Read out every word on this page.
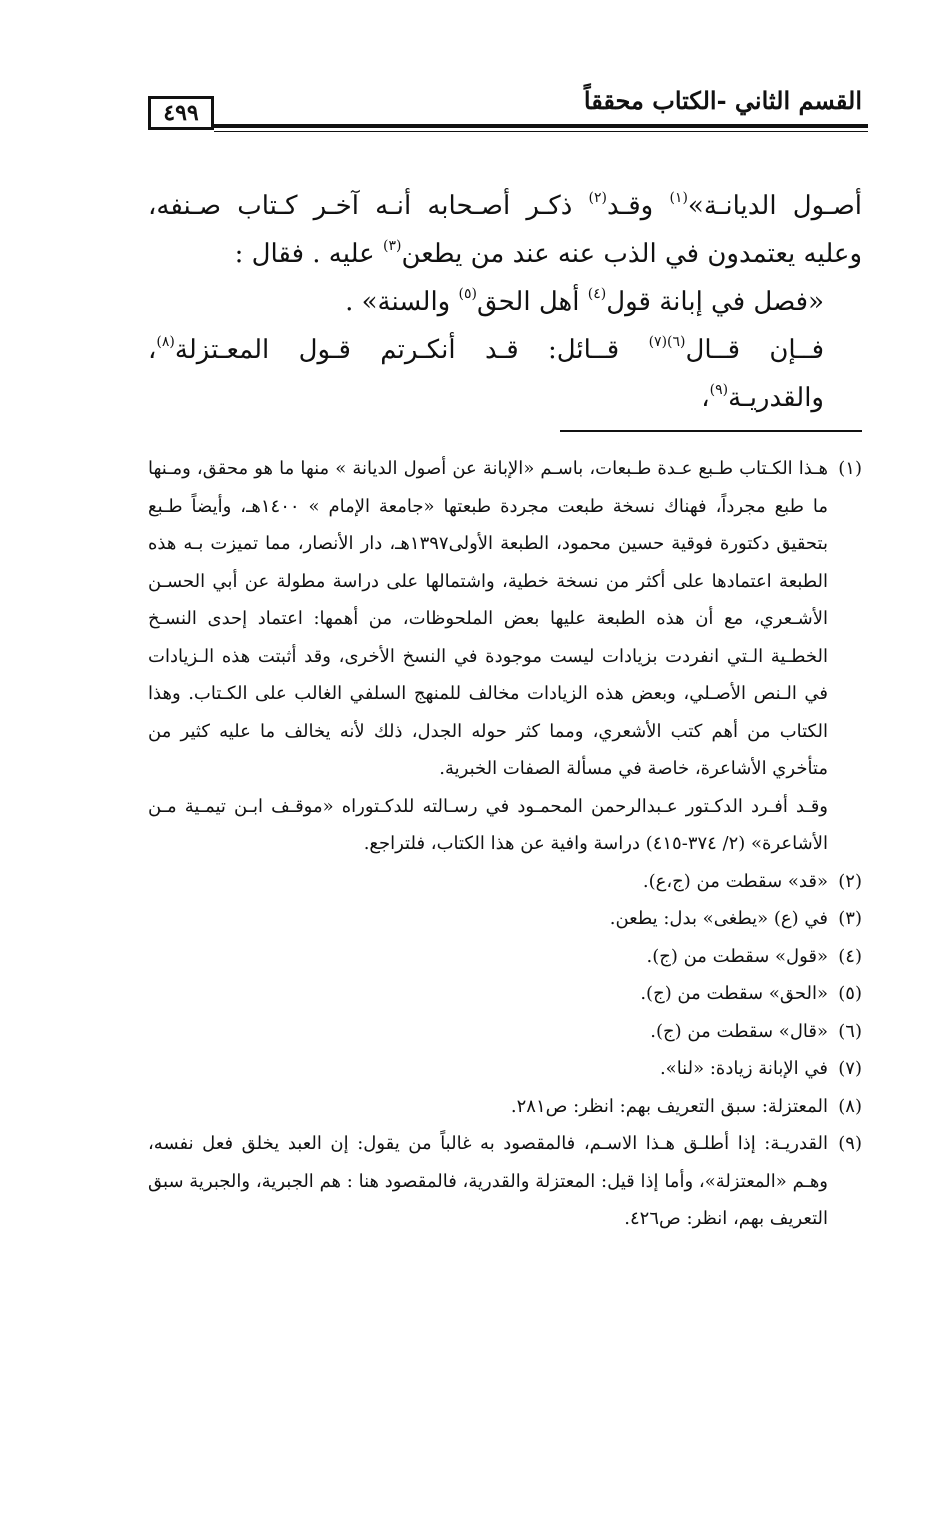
٤٩٩	القسم الثاني -الكتاب محققاً

أصـول الديانـة»$^{(١)}$ وقـد$^{(٢)}$ ذكـر أصـحابه أنـه آخـر كـتاب صـنفه، وعليه يعتمدون في الذب عنه عند من يطعن$^{(٣)}$ عليه . فقال :

«فصل في إبانة قول$^{(٤)}$ أهل الحق$^{(٥)}$ والسنة» .

فــإن قــال$^{(٦)(٧)}$ قــائل: قـد أنكـرتم قـول المعـتزلة$^{(٨)}$، والقدريـة$^{(٩)}$،

(١)
هـذا الكـتاب طـبع عـدة طـبعات، باسـم «الإبانة عن أصول الديانة » منها ما هو محقق، ومـنها ما طبع مجرداً، فهناك نسخة طبعت مجردة طبعتها «جامعة الإمام » ١٤٠٠هـ، وأيضاً طـبع بتحقيق دكتورة فوقية حسين محمود، الطبعة الأولى١٣٩٧هـ، دار الأنصار، مما تميزت بـه هذه الطبعة اعتمادها على أكثر من نسخة خطية، واشتمالها على دراسة مطولة عن أبي الحسـن الأشـعري، مع أن هذه الطبعة عليها بعض الملحوظات، من أهمها: اعتماد إحدى النسـخ الخطـية الـتي انفردت بزيادات ليست موجودة في النسخ الأخرى، وقد أثبتت هذه الـزيادات في الـنص الأصـلي، وبعض هذه الزيادات مخالف للمنهج السلفي الغالب على الكـتاب. وهذا الكتاب من أهم كتب الأشعري، ومما كثر حوله الجدل، ذلك لأنه يخالف ما عليه كثير من متأخري الأشاعرة، خاصة في مسألة الصفات الخبرية.

وقـد أفـرد الدكـتور عـبدالرحمن المحمـود في رسـالته للدكـتوراه «موقـف ابـن تيمـية مـن الأشاعرة» (٢/ ٣٧٤-٤١٥) دراسة وافية عن هذا الكتاب، فلتراجع.

(٢)
«قد» سقطت من (ج،ع).
(٣)
في (ع) «يطغى» بدل: يطعن.
(٤)
«قول» سقطت من (ج).
(٥)
«الحق» سقطت من (ج).
(٦)
«قال» سقطت من (ج).
(٧)
في الإبانة زيادة: «لنا».
(٨)
المعتزلة: سبق التعريف بهم: انظر: ص٢٨١.
(٩)
القدريـة: إذا أطلـق هـذا الاسـم، فالمقصود به غالباً من يقول: إن العبد يخلق فعل نفسه، وهـم «المعتزلة»، وأما إذا قيل: المعتزلة والقدرية، فالمقصود هنا : هم الجبرية، والجبرية سبق التعريف بهم، انظر: ص٤٢٦.
